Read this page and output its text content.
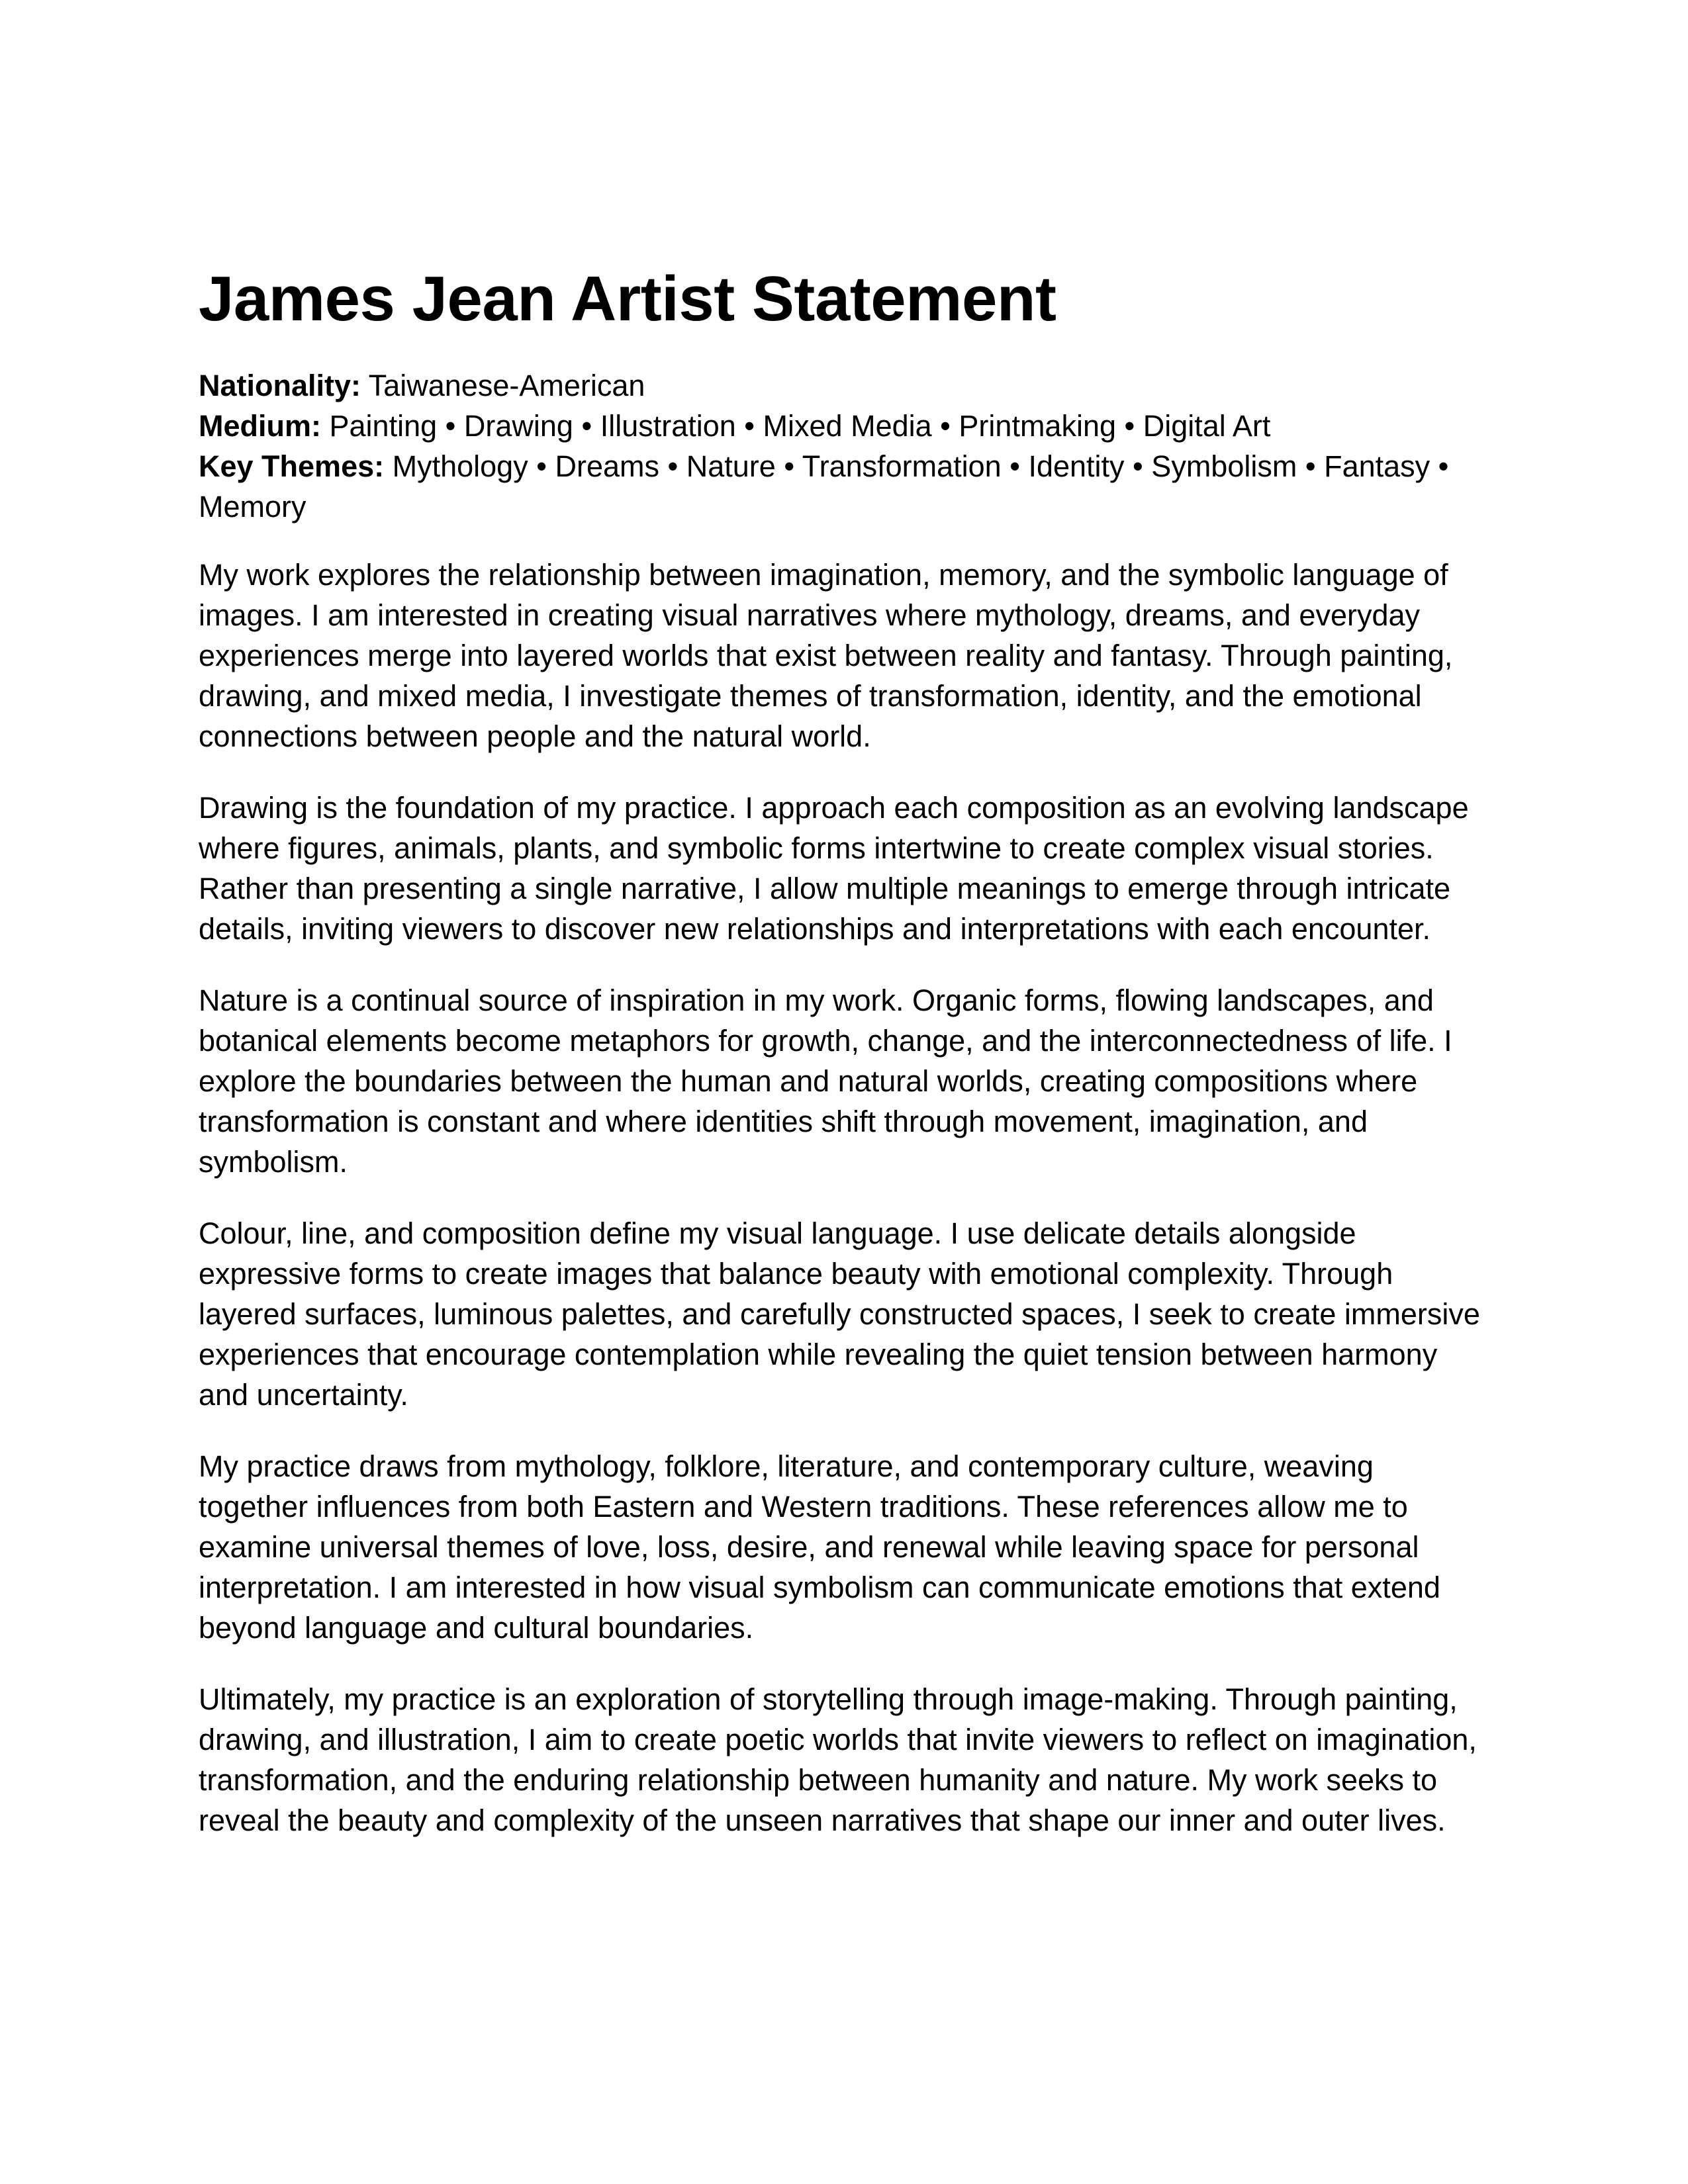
James Jean Artist Statement
Nationality: Taiwanese-American
Medium: Painting • Drawing • Illustration • Mixed Media • Printmaking • Digital Art
Key Themes: Mythology • Dreams • Nature • Transformation • Identity • Symbolism • Fantasy • Memory

My work explores the relationship between imagination, memory, and the symbolic language of images. I am interested in creating visual narratives where mythology, dreams, and everyday experiences merge into layered worlds that exist between reality and fantasy. Through painting, drawing, and mixed media, I investigate themes of transformation, identity, and the emotional connections between people and the natural world.

Drawing is the foundation of my practice. I approach each composition as an evolving landscape where figures, animals, plants, and symbolic forms intertwine to create complex visual stories. Rather than presenting a single narrative, I allow multiple meanings to emerge through intricate details, inviting viewers to discover new relationships and interpretations with each encounter.

Nature is a continual source of inspiration in my work. Organic forms, flowing landscapes, and botanical elements become metaphors for growth, change, and the interconnectedness of life. I explore the boundaries between the human and natural worlds, creating compositions where transformation is constant and where identities shift through movement, imagination, and symbolism.

Colour, line, and composition define my visual language. I use delicate details alongside expressive forms to create images that balance beauty with emotional complexity. Through layered surfaces, luminous palettes, and carefully constructed spaces, I seek to create immersive experiences that encourage contemplation while revealing the quiet tension between harmony and uncertainty.

My practice draws from mythology, folklore, literature, and contemporary culture, weaving together influences from both Eastern and Western traditions. These references allow me to examine universal themes of love, loss, desire, and renewal while leaving space for personal interpretation. I am interested in how visual symbolism can communicate emotions that extend beyond language and cultural boundaries.

Ultimately, my practice is an exploration of storytelling through image-making. Through painting, drawing, and illustration, I aim to create poetic worlds that invite viewers to reflect on imagination, transformation, and the enduring relationship between humanity and nature. My work seeks to reveal the beauty and complexity of the unseen narratives that shape our inner and outer lives.
